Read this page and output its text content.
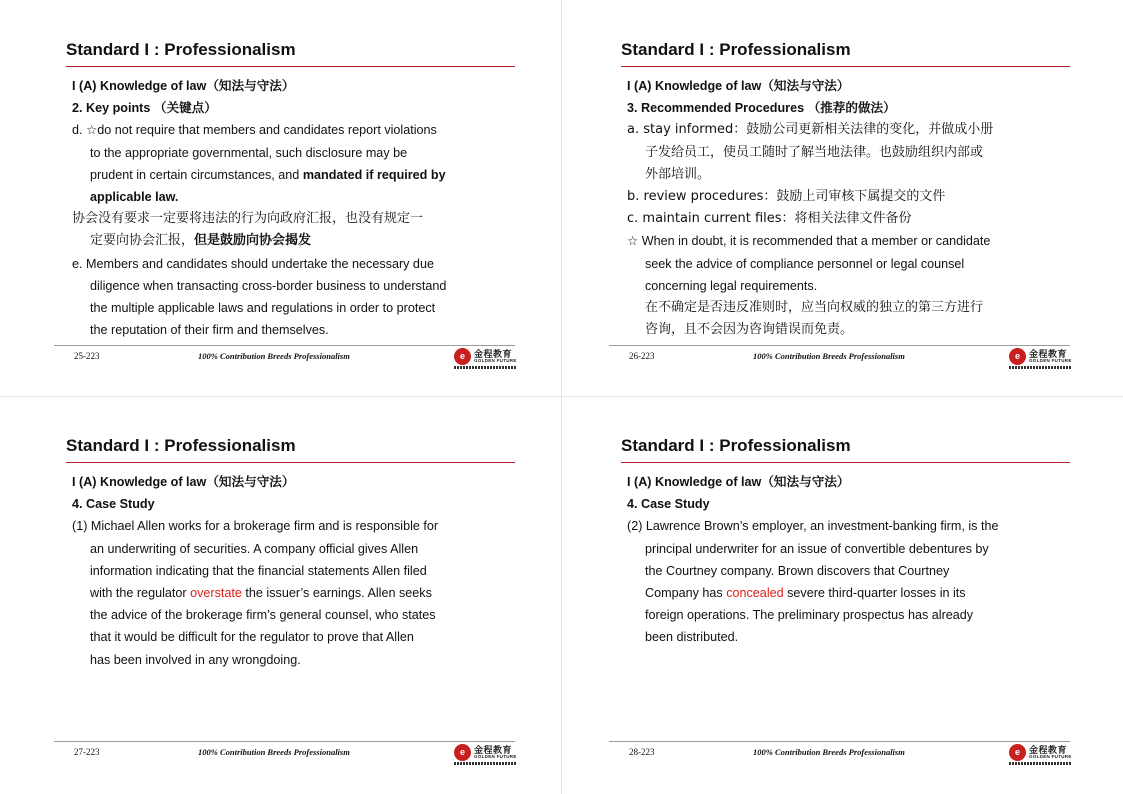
Standard I : Professionalism
I (A) Knowledge of law（知法与守法）
2. Key points （关键点）
d. ☆do not require that members and candidates report violations
to the appropriate governmental, such disclosure may be
prudent in certain circumstances, and mandated if required by
applicable law.
协会没有要求一定要将违法的行为向政府汇报，也没有规定一
定要向协会汇报，但是鼓励向协会揭发
e. Members and candidates should undertake the necessary due
diligence when transacting cross-border business to understand
the multiple applicable laws and regulations in order to protect
the reputation of their firm and themselves.
25-223	100% Contribution Breeds Professionalism	e	金程教育
GOLDEN FUTURE
Standard I : Professionalism
I (A) Knowledge of law（知法与守法）
3. Recommended Procedures （推荐的做法）
a. stay informed：鼓励公司更新相关法律的变化，并做成小册
子发给员工，使员工随时了解当地法律。也鼓励组织内部或
外部培训。
b. review procedures：鼓励上司审核下属提交的文件
c. maintain current files：将相关法律文件备份
☆ When in doubt, it is recommended that a member or candidate
seek the advice of compliance personnel or legal counsel
concerning legal requirements.
在不确定是否违反准则时，应当向权威的独立的第三方进行
咨询，且不会因为咨询错误而免责。
26-223	100% Contribution Breeds Professionalism	e	金程教育
GOLDEN FUTURE
Standard I : Professionalism
I (A) Knowledge of law（知法与守法）
4. Case Study
(1) Michael Allen works for a brokerage firm and is responsible for
an underwriting of securities. A company official gives Allen
information indicating that the financial statements Allen filed
with the regulator overstate the issuer’s earnings. Allen seeks
the advice of the brokerage firm’s general counsel, who states
that it would be difficult for the regulator to prove that Allen
has been involved in any wrongdoing.
27-223	100% Contribution Breeds Professionalism	e	金程教育
GOLDEN FUTURE
Standard I : Professionalism
I (A) Knowledge of law（知法与守法）
4. Case Study
(2) Lawrence Brown’s employer, an investment-banking firm, is the
principal underwriter for an issue of convertible debentures by
the Courtney company. Brown discovers that Courtney
Company has concealed severe third-quarter losses in its
foreign operations. The preliminary prospectus has already
been distributed.
28-223	100% Contribution Breeds Professionalism	e	金程教育
GOLDEN FUTURE
